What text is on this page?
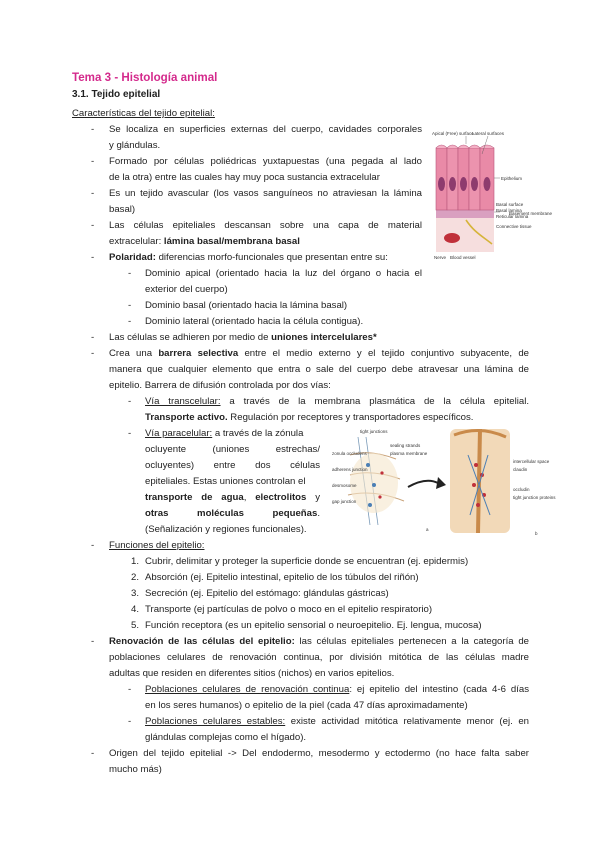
Tema 3 - Histología animal
3.1. Tejido epitelial
Características del tejido epitelial:
- Se localiza en superficies externas del cuerpo, cavidades corporales
y glándulas.
- Formado por células poliédricas yuxtapuestas (una pegada al lado
de la otra) entre las cuales hay muy poca sustancia extracelular
- Es un tejido avascular (los vasos sanguíneos no atraviesan la lámina
basal)
- Las células epiteliales descansan sobre una capa de material
extracelular: lámina basal/membrana basal
- Polaridad: diferencias morfo-funcionales que presentan entre su:
- Dominio apical (orientado hacia la luz del órgano o hacia el
exterior del cuerpo)
- Dominio basal (orientado hacia la lámina basal)
- Dominio lateral (orientado hacia la célula contigua).
- Las células se adhieren por medio de uniones intercelulares*
- Crea una barrera selectiva entre el medio externo y el tejido conjuntivo subyacente, de
manera que cualquier elemento que entra o sale del cuerpo debe atravesar una lámina de
epitelio. Barrera de difusión controlada por dos vías:
- Vía transcelular: a través de la membrana plasmática de la célula epitelial.
Transporte activo. Regulación por receptores y transportadores específicos.
- Vía paracelular: a través de la zónula
ocluyente (uniones estrechas/
ocluyentes) entre dos células
epiteliales. Estas uniones controlan el
transporte de agua, electrolitos y
otras moléculas pequeñas.
(Señalización y regiones funcionales).
- Funciones del epitelio:
1. Cubrir, delimitar y proteger la superficie donde se encuentran (ej. epidermis)
2. Absorción (ej. Epitelio intestinal, epitelio de los túbulos del riñón)
3. Secreción (ej. Epitelio del estómago: glándulas gástricas)
4. Transporte (ej partículas de polvo o moco en el epitelio respiratorio)
5. Función receptora (es un epitelio sensorial o neuroepitelio. Ej. lengua, mucosa)
- Renovación de las células del epitelio: las células epiteliales pertenecen a la categoría de
poblaciones celulares de renovación continua, por división mitótica de las células madre
adultas que residen en diferentes sitios (nichos) en varios epitelios.
- Poblaciones celulares de renovación continua: ej epitelio del intestino (cada 4-6 días
en los seres humanos) o epitelio de la piel (cada 47 días aproximadamente)
- Poblaciones celulares estables: existe actividad mitótica relativamente menor (ej. en
glándulas complejas como el hígado).
- Origen del tejido epitelial -> Del endodermo, mesodermo y ectodermo (no hace falta saber
mucho más)
Apical (Free) surface
Lateral surfaces
Epithelium
Basal surface
Basal lamina
Reticular lamina
Basement membrane
Connective tissue
Nerve Blood vessel
tight junctions
zonula occludens
adherens junction
desmosome
gap junction
sealing strands
plasma membrane
a
intercellular space
claudin
occludin
tight junction proteins
b
